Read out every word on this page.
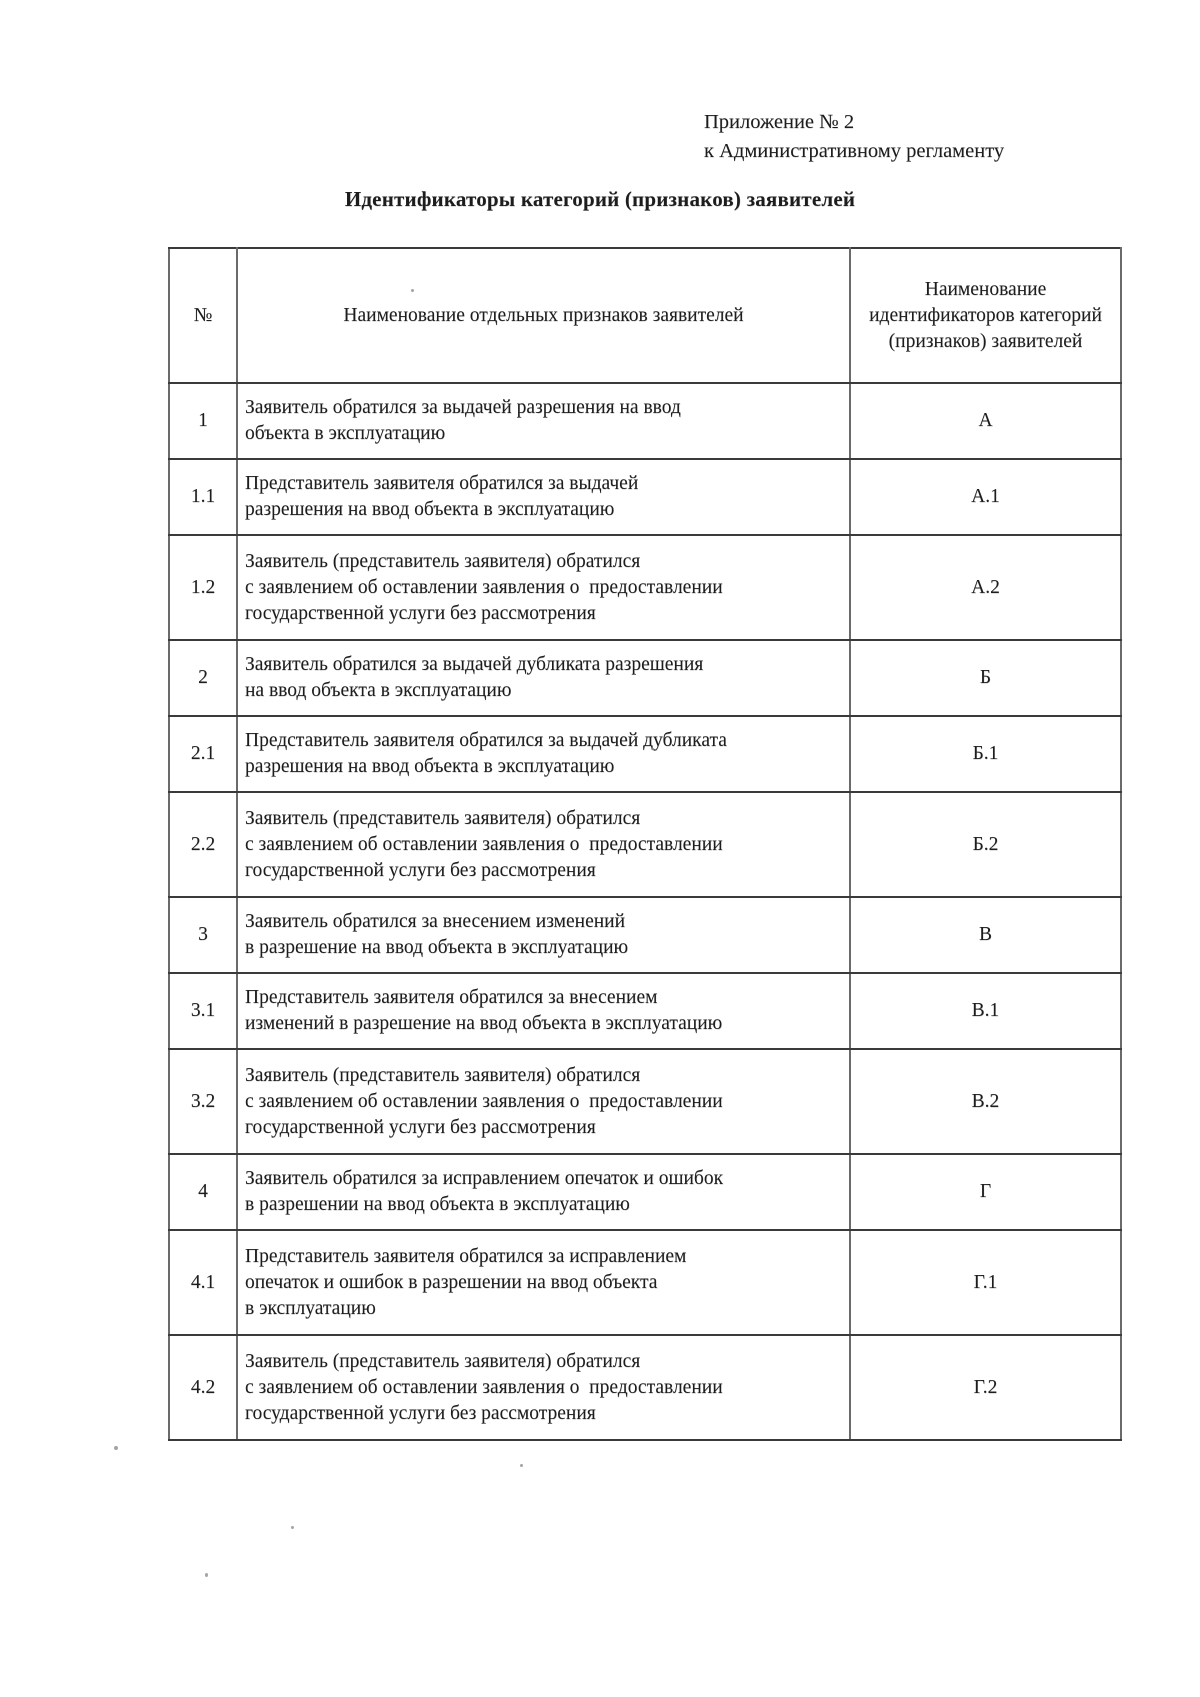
Приложение № 2
к Административному регламенту
Идентификаторы категорий (признаков) заявителей
№	Наименование отдельных признаков заявителей	Наименование идентификаторов категорий (признаков) заявителей

1	Заявитель обратился за выдачей разрешения на ввод
объекта в эксплуатацию	А
1.1	Представитель заявителя обратился за выдачей
разрешения на ввод объекта в эксплуатацию	А.1
1.2	Заявитель (представитель заявителя) обратился
с заявлением об оставлении заявления о  предоставлении
государственной услуги без рассмотрения	А.2
2	Заявитель обратился за выдачей дубликата разрешения
на ввод объекта в эксплуатацию	Б
2.1	Представитель заявителя обратился за выдачей дубликата
разрешения на ввод объекта в эксплуатацию	Б.1
2.2	Заявитель (представитель заявителя) обратился
с заявлением об оставлении заявления о  предоставлении
государственной услуги без рассмотрения	Б.2
3	Заявитель обратился за внесением изменений
в разрешение на ввод объекта в эксплуатацию	В
3.1	Представитель заявителя обратился за внесением
изменений в разрешение на ввод объекта в эксплуатацию	В.1
3.2	Заявитель (представитель заявителя) обратился
с заявлением об оставлении заявления о  предоставлении
государственной услуги без рассмотрения	В.2
4	Заявитель обратился за исправлением опечаток и ошибок
в разрешении на ввод объекта в эксплуатацию	Г
4.1	Представитель заявителя обратился за исправлением
опечаток и ошибок в разрешении на ввод объекта
в эксплуатацию	Г.1
4.2	Заявитель (представитель заявителя) обратился
с заявлением об оставлении заявления о  предоставлении
государственной услуги без рассмотрения	Г.2
